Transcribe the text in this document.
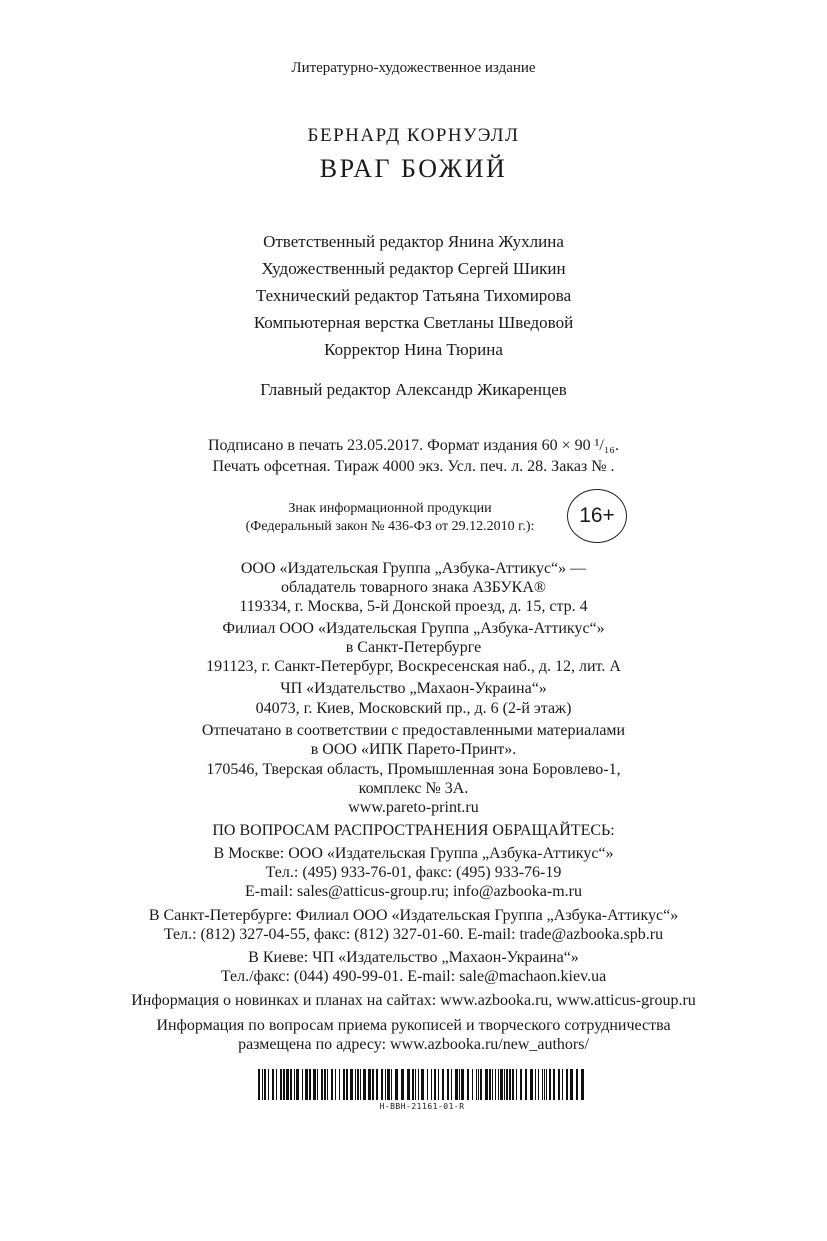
Литературно-художественное издание
БЕРНАРД КОРНУЭЛЛ
ВРАГ БОЖИЙ
Ответственный редактор Янина Жухлина
Художественный редактор Сергей Шикин
Технический редактор Татьяна Тихомирова
Компьютерная верстка Светланы Шведовой
Корректор Нина Тюрина
Главный редактор Александр Жикаренцев
Подписано в печать 23.05.2017. Формат издания 60 × 90 ¹/₁₆.
Печать офсетная. Тираж 4000 экз. Усл. печ. л. 28. Заказ № .
Знак информационной продукции
(Федеральный закон № 436-ФЗ от 29.12.2010 г.):	16+
ООО «Издательская Группа „Азбука-Аттикус“» —
обладатель товарного знака АЗБУКА®
119334, г. Москва, 5-й Донской проезд, д. 15, стр. 4
Филиал ООО «Издательская Группа „Азбука-Аттикус“»
в Санкт-Петербурге
191123, г. Санкт-Петербург, Воскресенская наб., д. 12, лит. А
ЧП «Издательство „Махаон-Украина“»
04073, г. Киев, Московский пр., д. 6 (2-й этаж)
Отпечатано в соответствии с предоставленными материалами
в ООО «ИПК Парето-Принт».
170546, Тверская область, Промышленная зона Боровлево-1,
комплекс № 3А.
www.pareto-print.ru
ПО ВОПРОСАМ РАСПРОСТРАНЕНИЯ ОБРАЩАЙТЕСЬ:
В Москве: ООО «Издательская Группа „Азбука-Аттикус“»
Тел.: (495) 933-76-01, факс: (495) 933-76-19
E-mail: sales@atticus-group.ru; info@azbooka-m.ru
В Санкт-Петербурге: Филиал ООО «Издательская Группа „Азбука-Аттикус“»
Тел.: (812) 327-04-55, факс: (812) 327-01-60. E-mail: trade@azbooka.spb.ru
В Киеве: ЧП «Издательство „Махаон-Украина“»
Тел./факс: (044) 490-99-01. E-mail: sale@machaon.kiev.ua
Информация о новинках и планах на сайтах: www.azbooka.ru, www.atticus-group.ru
Информация по вопросам приема рукописей и творческого сотрудничества
размещена по адресу: www.azbooka.ru/new_authors/
H-BBH-21161-01-R
